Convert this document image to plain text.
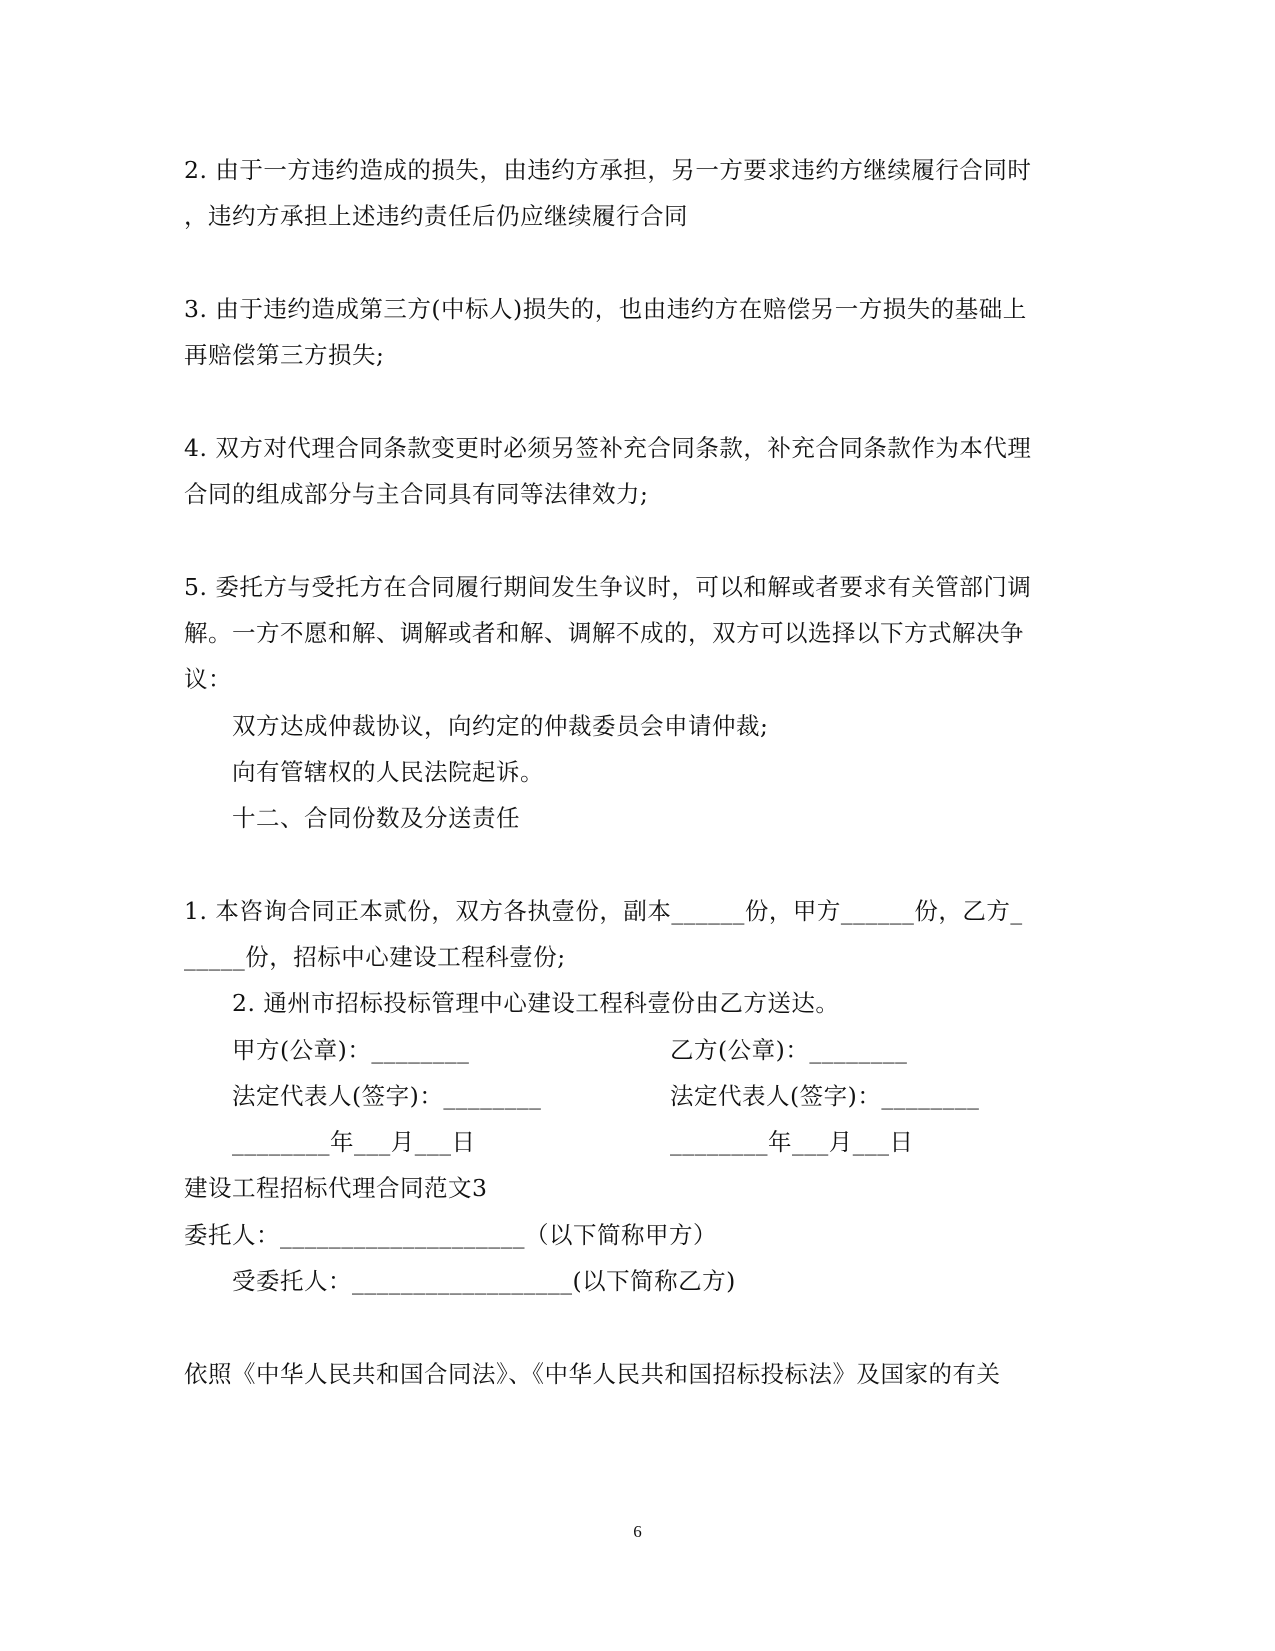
2. 由于一方违约造成的损失，由违约方承担，另一方要求违约方继续履行合同时
，违约方承担上述违约责任后仍应继续履行合同
3. 由于违约造成第三方(中标人)损失的，也由违约方在赔偿另一方损失的基础上
再赔偿第三方损失;
4. 双方对代理合同条款变更时必须另签补充合同条款，补充合同条款作为本代理
合同的组成部分与主合同具有同等法律效力;
5. 委托方与受托方在合同履行期间发生争议时，可以和解或者要求有关管部门调
解。一方不愿和解、调解或者和解、调解不成的，双方可以选择以下方式解决争
议：
双方达成仲裁协议，向约定的仲裁委员会申请仲裁;
向有管辖权的人民法院起诉。
十二、合同份数及分送责任
1. 本咨询合同正本贰份，双方各执壹份，副本______份，甲方______份，乙方_
_____份，招标中心建设工程科壹份;
2. 通州市招标投标管理中心建设工程科壹份由乙方送达。
甲方(公章)：________	乙方(公章)：________
法定代表人(签字)：________	法定代表人(签字)：________
________年___月___日	________年___月___日
建设工程招标代理合同范文3
委托人：____________________（以下简称甲方）
受委托人：__________________(以下简称乙方)
依照《中华人民共和国合同法》、《中华人民共和国招标投标法》及国家的有关
6
